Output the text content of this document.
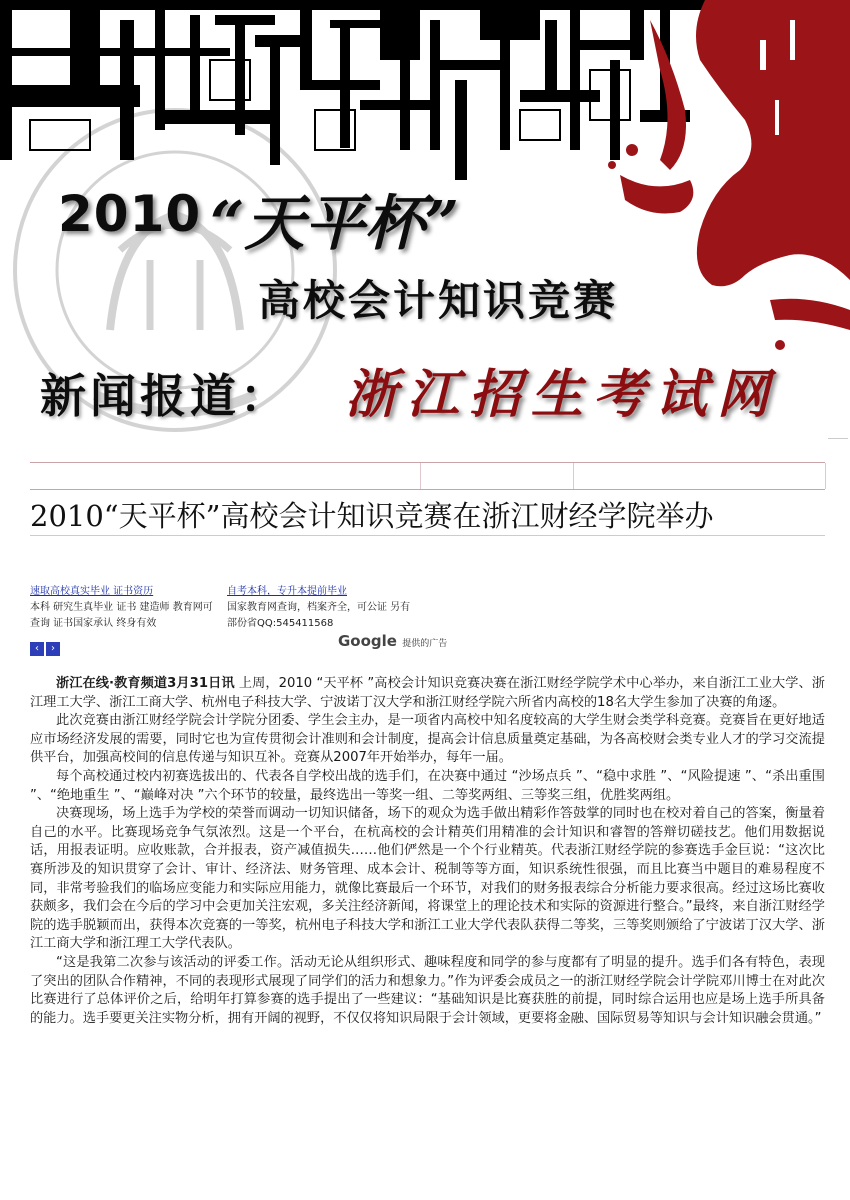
2010 “天平杯”
高校会计知识竞赛
新闻报道： 浙江招生考试网
2010“天平杯”高校会计知识竞赛在浙江财经学院举办
速取高校真实毕业 证书资历
本科 研究生真毕业 证书 建造师 教育网可
查询 证书国家承认 终身有效
自考本科，专升本提前毕业
国家教育网查询，档案齐全，可公证 另有
部份省QQ:545411568
‹ ›	Google 提供的广告

浙江在线·教育频道3月31日讯 上周，2010 “天平杯 ”高校会计知识竞赛决赛在浙江财经学院学术中心举办，来自浙江工业大学、浙江理工大学、浙江工商大学、杭州电子科技大学、宁波诺丁汉大学和浙江财经学院六所省内高校的18名大学生参加了决赛的角逐。

此次竞赛由浙江财经学院会计学院分团委、学生会主办，是一项省内高校中知名度较高的大学生财会类学科竞赛。竞赛旨在更好地适应市场经济发展的需要，同时它也为宣传贯彻会计准则和会计制度，提高会计信息质量奠定基础，为各高校财会类专业人才的学习交流提供平台，加强高校间的信息传递与知识互补。竞赛从2007年开始举办，每年一届。

每个高校通过校内初赛选拔出的、代表各自学校出战的选手们，在决赛中通过 “沙场点兵 ”、“稳中求胜 ”、“风险提速 ”、“杀出重围 ”、“绝地重生 ”、“巅峰对决 ”六个环节的较量，最终选出一等奖一组、二等奖两组、三等奖三组，优胜奖两组。

决赛现场，场上选手为学校的荣誉而调动一切知识储备，场下的观众为选手做出精彩作答鼓掌的同时也在校对着自己的答案，衡量着自己的水平。比赛现场竞争气氛浓烈。这是一个平台，在杭高校的会计精英们用精准的会计知识和睿智的答辩切磋技艺。他们用数据说话，用报表证明。应收账款，合并报表，资产减值损失……他们俨然是一个个行业精英。代表浙江财经学院的参赛选手金巨说：“这次比赛所涉及的知识贯穿了会计、审计、经济法、财务管理、成本会计、税制等等方面，知识系统性很强，而且比赛当中题目的难易程度不同，非常考验我们的临场应变能力和实际应用能力，就像比赛最后一个环节，对我们的财务报表综合分析能力要求很高。经过这场比赛收获颇多，我们会在今后的学习中会更加关注宏观，多关注经济新闻，将课堂上的理论技术和实际的资源进行整合。”最终，来自浙江财经学院的选手脱颖而出，获得本次竞赛的一等奖，杭州电子科技大学和浙江工业大学代表队获得二等奖，三等奖则颁给了宁波诺丁汉大学、浙江工商大学和浙江理工大学代表队。

“这是我第二次参与该活动的评委工作。活动无论从组织形式、趣味程度和同学的参与度都有了明显的提升。选手们各有特色，表现了突出的团队合作精神，不同的表现形式展现了同学们的活力和想象力。”作为评委会成员之一的浙江财经学院会计学院邓川博士在对此次比赛进行了总体评价之后，给明年打算参赛的选手提出了一些建议：“基础知识是比赛获胜的前提，同时综合运用也应是场上选手所具备的能力。选手要更关注实物分析，拥有开阔的视野，不仅仅将知识局限于会计领域，更要将金融、国际贸易等知识与会计知识融会贯通。”
